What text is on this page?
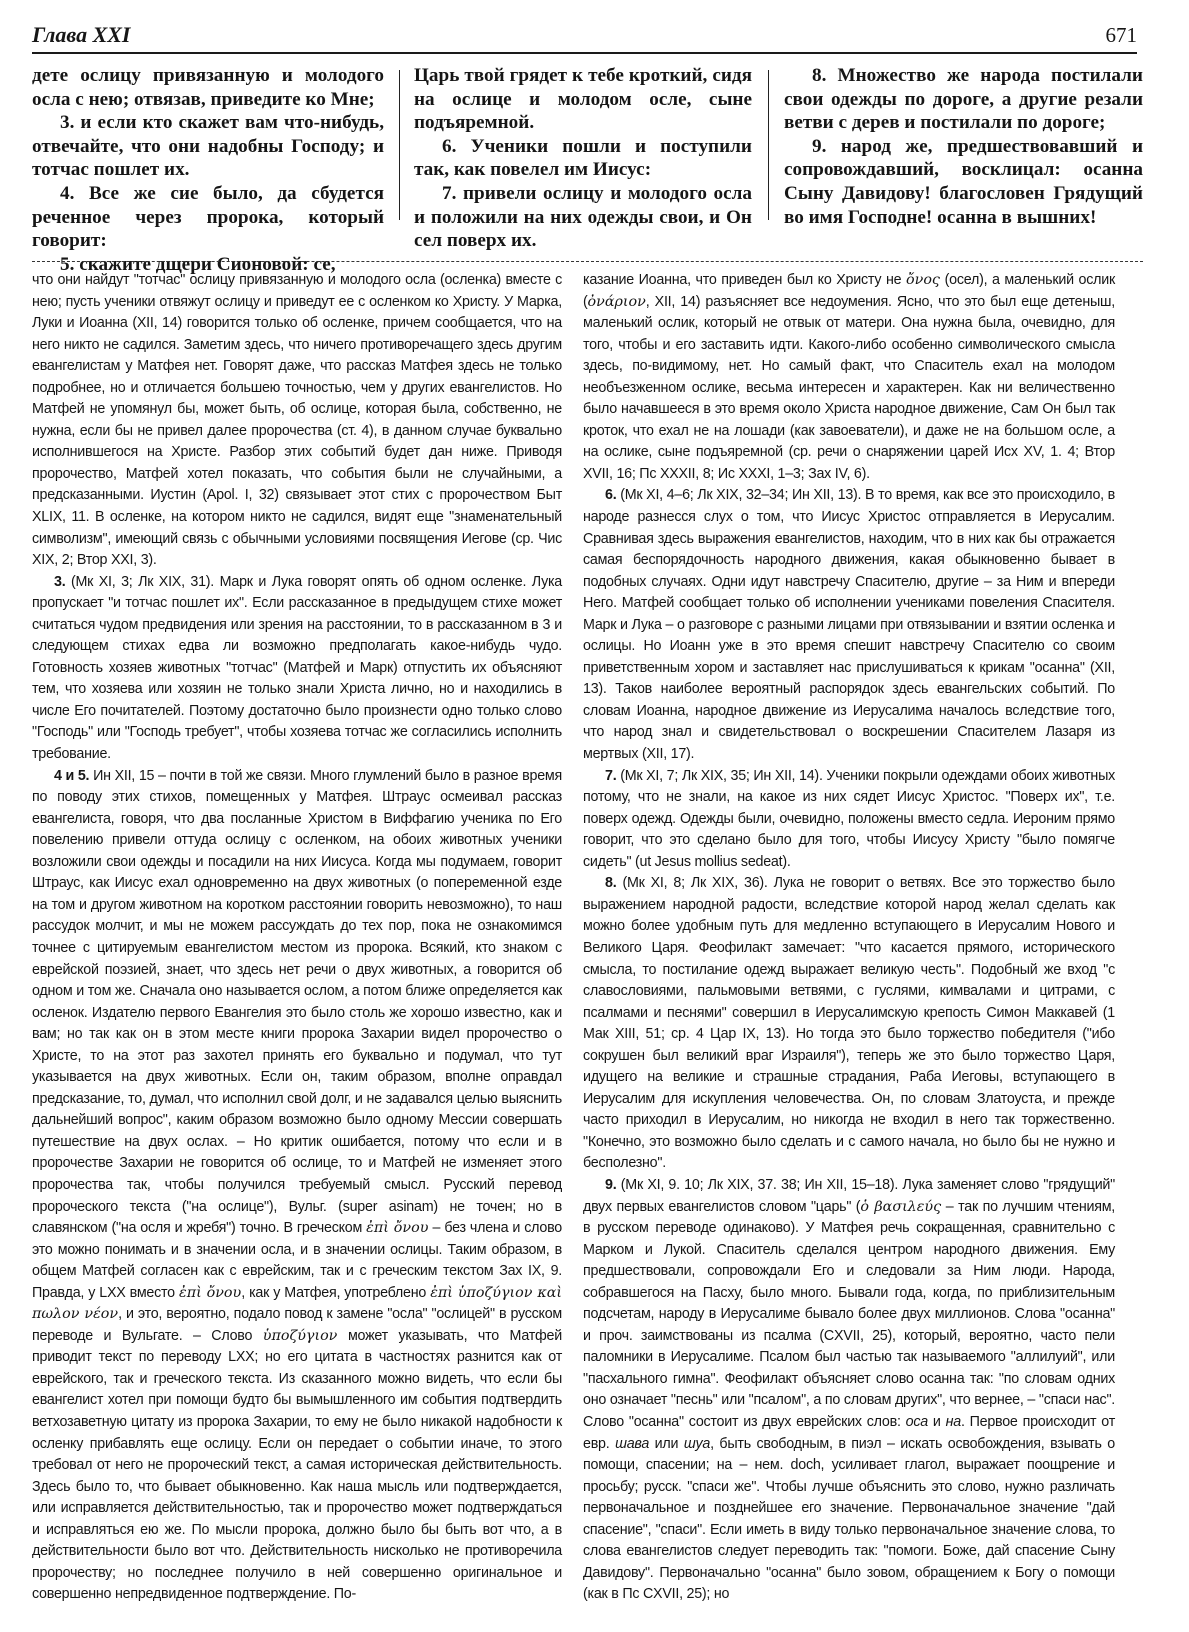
Глава XXI	671

дете ослицу привязанную и молодого осла с нею; отвязав, приведите ко Мне;

3. и если кто скажет вам что-нибудь, отвечайте, что они надобны Господу; и тотчас пошлет их.

4. Все же сие было, да сбудется реченное через пророка, который говорит:

5. скажите дщери Сионовой: се,

Царь твой грядет к тебе кроткий, сидя на ослице и молодом осле, сыне подъяремной.

6. Ученики пошли и поступили так, как повелел им Иисус:

7. привели ослицу и молодого осла и положили на них одежды свои, и Он сел поверх их.

8. Множество же народа постилали свои одежды по дороге, а другие резали ветви с дерев и постилали по дороге;

9. народ же, предшествовавший и сопровождавший, восклицал: осанна Сыну Давидову! благословен Грядущий во имя Господне! осанна в вышних!

что они найдут "тотчас" ослицу привязанную и молодого осла (осленка) вместе с нею; пусть ученики отвяжут ослицу и приведут ее с осленком ко Христу. У Марка, Луки и Иоанна (XII, 14) говорится только об осленке, причем сообщается, что на него никто не садился. Заметим здесь, что ничего противоречащего здесь другим евангелистам у Матфея нет. Говорят даже, что рассказ Матфея здесь не только подробнее, но и отличается большею точностью, чем у других евангелистов. Но Матфей не упомянул бы, может быть, об ослице, которая была, собственно, не нужна, если бы не привел далее пророчества (ст. 4), в данном случае буквально исполнившегося на Христе. Разбор этих событий будет дан ниже. Приводя пророчество, Матфей хотел показать, что события были не случайными, а предсказанными. Иустин (Apol. I, 32) связывает этот стих с пророчеством Быт XLIX, 11. В осленке, на котором никто не садился, видят еще "знаменательный символизм", имеющий связь с обычными условиями посвящения Иегове (ср. Чис XIX, 2; Втор XXI, 3).

3. (Мк XI, 3; Лк XIX, 31). Марк и Лука говорят опять об одном осленке. Лука пропускает "и тотчас пошлет их". Если рассказанное в предыдущем стихе может считаться чудом предвидения или зрения на расстоянии, то в рассказанном в 3 и следующем стихах едва ли возможно предполагать какое-нибудь чудо. Готовность хозяев животных "тотчас" (Матфей и Марк) отпустить их объясняют тем, что хозяева или хозяин не только знали Христа лично, но и находились в числе Его почитателей. Поэтому достаточно было произнести одно только слово "Господь" или "Господь требует", чтобы хозяева тотчас же согласились исполнить требование.

4 и 5. Ин XII, 15 – почти в той же связи. Много глумлений было в разное время по поводу этих стихов, помещенных у Матфея. Штраус осмеивал рассказ евангелиста, говоря, что два посланные Христом в Виффагию ученика по Его повелению привели оттуда ослицу с осленком, на обоих животных ученики возложили свои одежды и посадили на них Иисуса. Когда мы подумаем, говорит Штраус, как Иисус ехал одновременно на двух животных (о попеременной езде на том и другом животном на коротком расстоянии говорить невозможно), то наш рассудок молчит, и мы не можем рассуждать до тех пор, пока не ознакомимся точнее с цитируемым евангелистом местом из пророка. Всякий, кто знаком с еврейской поэзией, знает, что здесь нет речи о двух животных, а говорится об одном и том же. Сначала оно называется ослом, а потом ближе определяется как осленок. Издателю первого Евангелия это было столь же хорошо известно, как и вам; но так как он в этом месте книги пророка Захарии видел пророчество о Христе, то на этот раз захотел принять его буквально и подумал, что тут указывается на двух животных. Если он, таким образом, вполне оправдал предсказание, то, думал, что исполнил свой долг, и не задавался целью выяснить дальнейший вопрос", каким образом возможно было одному Мессии совершать путешествие на двух ослах. – Но критик ошибается, потому что если и в пророчестве Захарии не говорится об ослице, то и Матфей не изменяет этого пророчества так, чтобы получился требуемый смысл. Русский перевод пророческого текста ("на ослице"), Вульг. (super asinam) не точен; но в славянском ("на осля и жребя") точно. В греческом ἐπὶ ὄνου – без члена и слово это можно понимать и в значении осла, и в значении ослицы. Таким образом, в общем Матфей согласен как с еврейским, так и с греческим текстом Зах IX, 9. Правда, у LXX вместо ἐπὶ ὄνου, как у Матфея, употреблено ἐπὶ ὑποζύγιον καὶ πωλον νέον, и это, вероятно, подало повод к замене "осла" "ослицей" в русском переводе и Вульгате. – Слово ὑποζύγιον может указывать, что Матфей приводит текст по переводу LXX; но его цитата в частностях разнится как от еврейского, так и греческого текста. Из сказанного можно видеть, что если бы евангелист хотел при помощи будто бы вымышленного им события подтвердить ветхозаветную цитату из пророка Захарии, то ему не было никакой надобности к осленку прибавлять еще ослицу. Если он передает о событии иначе, то этого требовал от него не пророческий текст, а самая историческая действительность. Здесь было то, что бывает обыкновенно. Как наша мысль или подтверждается, или исправляется действительностью, так и пророчество может подтверждаться и исправляться ею же. По мысли пророка, должно было бы быть вот что, а в действительности было вот что. Действительность нисколько не противоречила пророчеству; но последнее получило в ней совершенно оригинальное и совершенно непредвиденное подтверждение. По-

казание Иоанна, что приведен был ко Христу не ὄνος (осел), а маленький ослик (ὀνάριον, XII, 14) разъясняет все недоумения. Ясно, что это был еще детеныш, маленький ослик, который не отвык от матери. Она нужна была, очевидно, для того, чтобы и его заставить идти. Какого-либо особенно символического смысла здесь, по-видимому, нет. Но самый факт, что Спаситель ехал на молодом необъезженном ослике, весьма интересен и характерен. Как ни величественно было начавшееся в это время около Христа народное движение, Сам Он был так кроток, что ехал не на лошади (как завоеватели), и даже не на большом осле, а на ослике, сыне подъяремной (ср. речи о снаряжении царей Исх XV, 1. 4; Втор XVII, 16; Пс XXXII, 8; Ис XXXI, 1–3; Зах IV, 6).

6. (Мк XI, 4–6; Лк XIX, 32–34; Ин XII, 13). В то время, как все это происходило, в народе разнесся слух о том, что Иисус Христос отправляется в Иерусалим. Сравнивая здесь выражения евангелистов, находим, что в них как бы отражается самая беспорядочность народного движения, какая обыкновенно бывает в подобных случаях. Одни идут навстречу Спасителю, другие – за Ним и впереди Него. Матфей сообщает только об исполнении учениками повеления Спасителя. Марк и Лука – о разговоре с разными лицами при отвязывании и взятии осленка и ослицы. Но Иоанн уже в это время спешит навстречу Спасителю со своим приветственным хором и заставляет нас прислушиваться к крикам "осанна" (XII, 13). Таков наиболее вероятный распорядок здесь евангельских событий. По словам Иоанна, народное движение из Иерусалима началось вследствие того, что народ знал и свидетельствовал о воскрешении Спасителем Лазаря из мертвых (XII, 17).

7. (Мк XI, 7; Лк XIX, 35; Ин XII, 14). Ученики покрыли одеждами обоих животных потому, что не знали, на какое из них сядет Иисус Христос. "Поверх их", т.е. поверх одежд. Одежды были, очевидно, положены вместо седла. Иероним прямо говорит, что это сделано было для того, чтобы Иисусу Христу "было помягче сидеть" (ut Jesus mollius sedeat).

8. (Мк XI, 8; Лк XIX, 36). Лука не говорит о ветвях. Все это торжество было выражением народной радости, вследствие которой народ желал сделать как можно более удобным путь для медленно вступающего в Иерусалим Нового и Великого Царя. Феофилакт замечает: "что касается прямого, исторического смысла, то постилание одежд выражает великую честь". Подобный же вход "с славословиями, пальмовыми ветвями, с гуслями, кимвалами и цитрами, с псалмами и песнями" совершил в Иерусалимскую крепость Симон Маккавей (1 Мак XIII, 51; ср. 4 Цар IX, 13). Но тогда это было торжество победителя ("ибо сокрушен был великий враг Израиля"), теперь же это было торжество Царя, идущего на великие и страшные страдания, Раба Иеговы, вступающего в Иерусалим для искупления человечества. Он, по словам Златоуста, и прежде часто приходил в Иерусалим, но никогда не входил в него так торжественно. "Конечно, это возможно было сделать и с самого начала, но было бы не нужно и бесполезно".

9. (Мк XI, 9. 10; Лк XIX, 37. 38; Ин XII, 15–18). Лука заменяет слово "грядущий" двух первых евангелистов словом "царь" (ὁ βασιλεύς – так по лучшим чтениям, в русском переводе одинаково). У Матфея речь сокращенная, сравнительно с Марком и Лукой. Спаситель сделался центром народного движения. Ему предшествовали, сопровождали Его и следовали за Ним люди. Народа, собравшегося на Пасху, было много. Бывали года, когда, по приблизительным подсчетам, народу в Иерусалиме бывало более двух миллионов. Слова "осанна" и проч. заимствованы из псалма (CXVII, 25), который, вероятно, часто пели паломники в Иерусалиме. Псалом был частью так называемого "аллилуий", или "пасхального гимна". Феофилакт объясняет слово осанна так: "по словам одних оно означает "песнь" или "псалом", а по словам других", что вернее, – "спаси нас". Слово "осанна" состоит из двух еврейских слов: оса и на. Первое происходит от евр. шава или шуа, быть свободным, в пиэл – искать освобождения, взывать о помощи, спасении; на – нем. doch, усиливает глагол, выражает поощрение и просьбу; русск. "спаси же". Чтобы лучше объяснить это слово, нужно различать первоначальное и позднейшее его значение. Первоначальное значение "дай спасение", "спаси". Если иметь в виду только первоначальное значение слова, то слова евангелистов следует переводить так: "помоги. Боже, дай спасение Сыну Давидову". Первоначально "осанна" было зовом, обращением к Богу о помощи (как в Пс CXVII, 25); но
